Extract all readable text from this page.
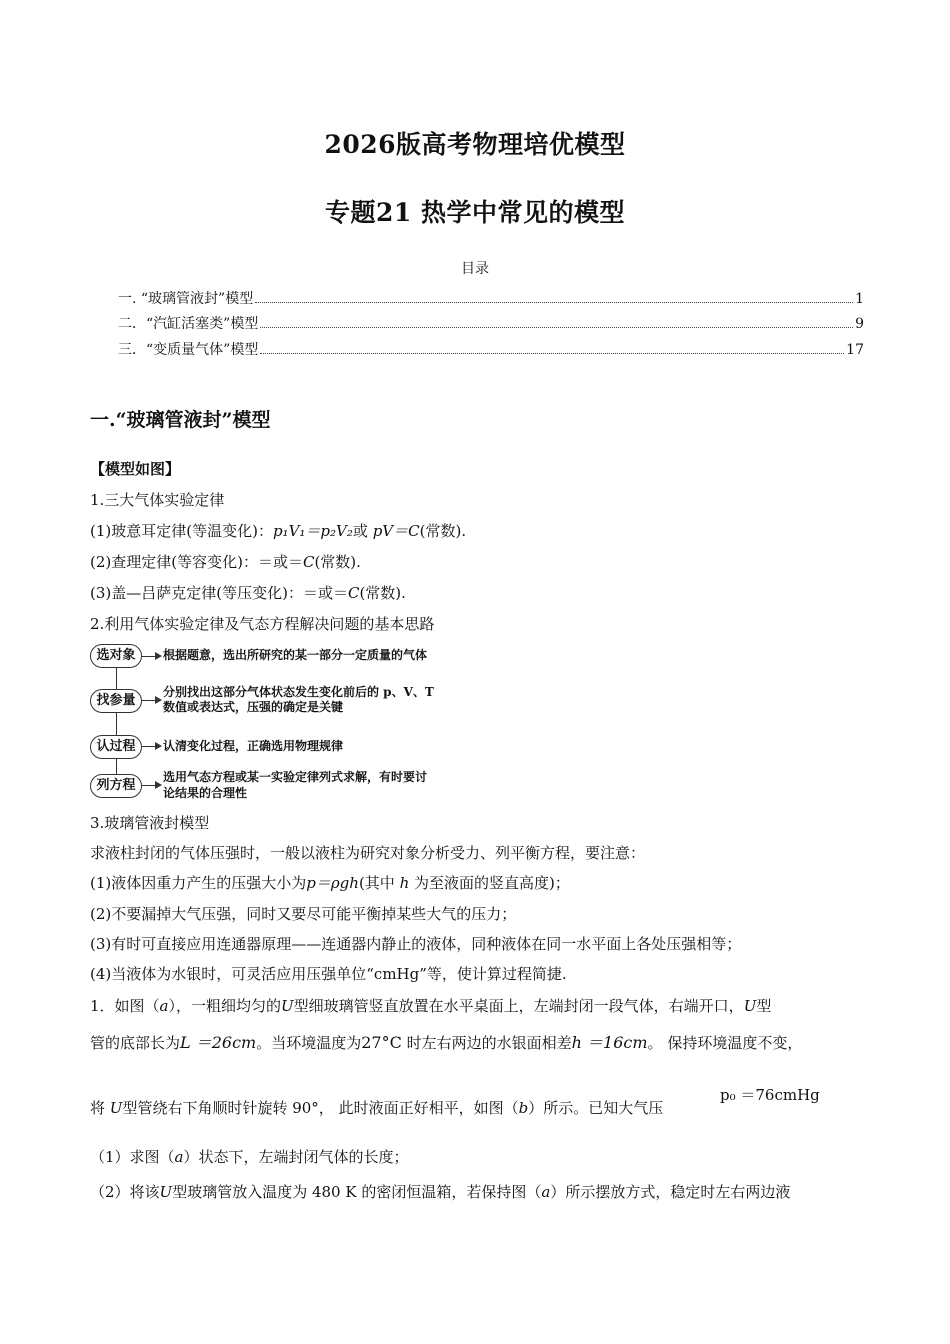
2026版高考物理培优模型
专题21 热学中常见的模型
目录
一. “玻璃管液封”模型	1
二．“汽缸活塞类”模型	9
三．“变质量气体”模型	17
一.“玻璃管液封”模型
【模型如图】
1.三大气体实验定律
(1)玻意耳定律(等温变化)：p₁V₁＝p₂V₂或 pV＝C(常数).
(2)查理定律(等容变化)：＝或＝C(常数).
(3)盖—吕萨克定律(等压变化)：＝或＝C(常数).
2.利用气体实验定律及气态方程解决问题的基本思路
选对象	根据题意，选出所研究的某一部分一定质量的气体
找参量
分别找出这部分气体状态发生变化前后的 p、V、T
数值或表达式，压强的确定是关键
认过程	认清变化过程，正确选用物理规律
列方程
选用气态方程或某一实验定律列式求解，有时要讨
论结果的合理性
3.玻璃管液封模型
求液柱封闭的气体压强时，一般以液柱为研究对象分析受力、列平衡方程，要注意：
(1)液体因重力产生的压强大小为p＝ρgh(其中 h 为至液面的竖直高度)；
(2)不要漏掉大气压强，同时又要尽可能平衡掉某些大气的压力；
(3)有时可直接应用连通器原理——连通器内静止的液体，同种液体在同一水平面上各处压强相等；
(4)当液体为水银时，可灵活应用压强单位“cmHg”等，使计算过程简捷.
1．如图（a），一粗细均匀的U型细玻璃管竖直放置在水平桌面上，左端封闭一段气体，右端开口，U型
管的底部长为L ＝26cm。当环境温度为27°C 时左右两边的水银面相差h ＝16cm。 保持环境温度不变，
将 U型管绕右下角顺时针旋转 90°， 此时液面正好相平，如图（b）所示。已知大气压
p₀ ＝76cmHg
（1）求图（a）状态下，左端封闭气体的长度；
（2）将该U型玻璃管放入温度为 480 K 的密闭恒温箱，若保持图（a）所示摆放方式，稳定时左右两边液
